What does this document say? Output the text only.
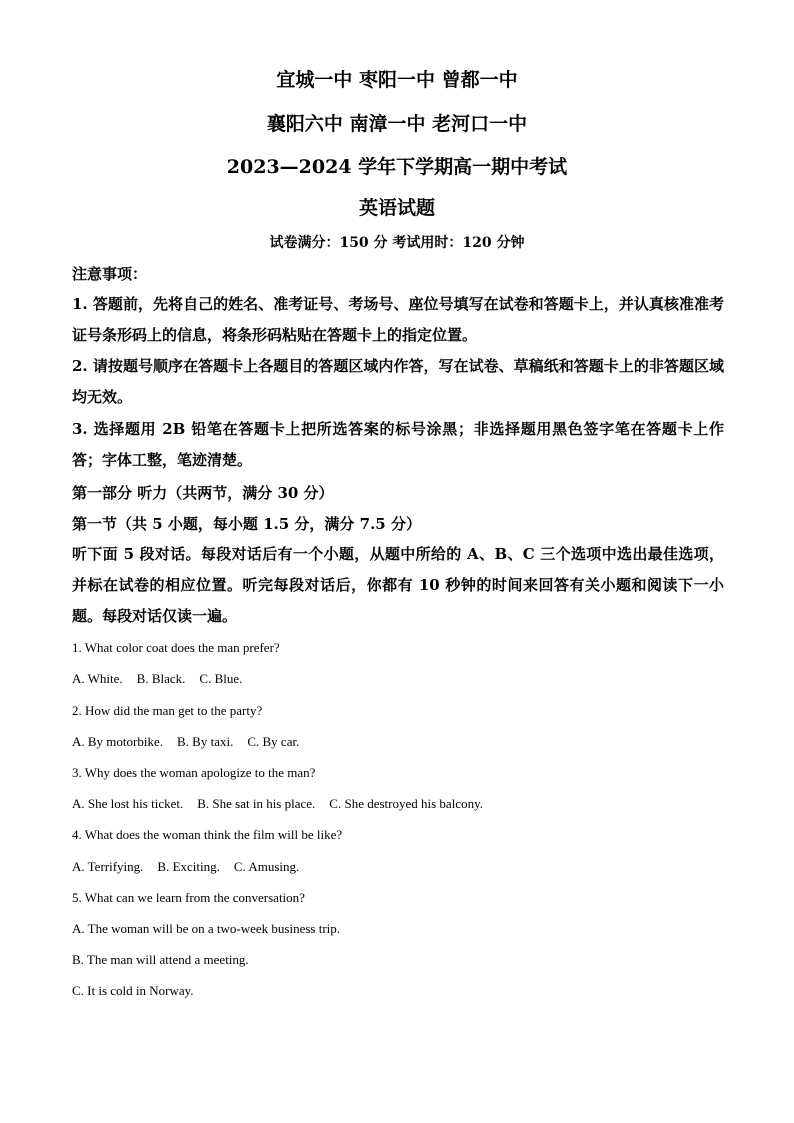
宜城一中 枣阳一中 曾都一中
襄阳六中 南漳一中 老河口一中
2023—2024 学年下学期高一期中考试
英语试题
试卷满分：150 分 考试用时：120 分钟
注意事项：
1. 答题前，先将自己的姓名、准考证号、考场号、座位号填写在试卷和答题卡上，并认真核准准考证号条形码上的信息，将条形码粘贴在答题卡上的指定位置。
2. 请按题号顺序在答题卡上各题目的答题区域内作答，写在试卷、草稿纸和答题卡上的非答题区域均无效。
3. 选择题用 2B 铅笔在答题卡上把所选答案的标号涂黑；非选择题用黑色签字笔在答题卡上作答；字体工整，笔迹清楚。
第一部分 听力（共两节，满分 30 分）
第一节（共 5 小题，每小题 1.5 分，满分 7.5 分）
听下面 5 段对话。每段对话后有一个小题，从题中所给的 A、B、C 三个选项中选出最佳选项，并标在试卷的相应位置。听完每段对话后，你都有 10 秒钟的时间来回答有关小题和阅读下一小题。每段对话仅读一遍。
1. What color coat does the man prefer?
A. White. B. Black. C. Blue.
2. How did the man get to the party?
A. By motorbike. B. By taxi. C. By car.
3. Why does the woman apologize to the man?
A. She lost his ticket. B. She sat in his place. C. She destroyed his balcony.
4. What does the woman think the film will be like?
A. Terrifying. B. Exciting. C. Amusing.
5. What can we learn from the conversation?
A. The woman will be on a two-week business trip.
B. The man will attend a meeting.
C. It is cold in Norway.
